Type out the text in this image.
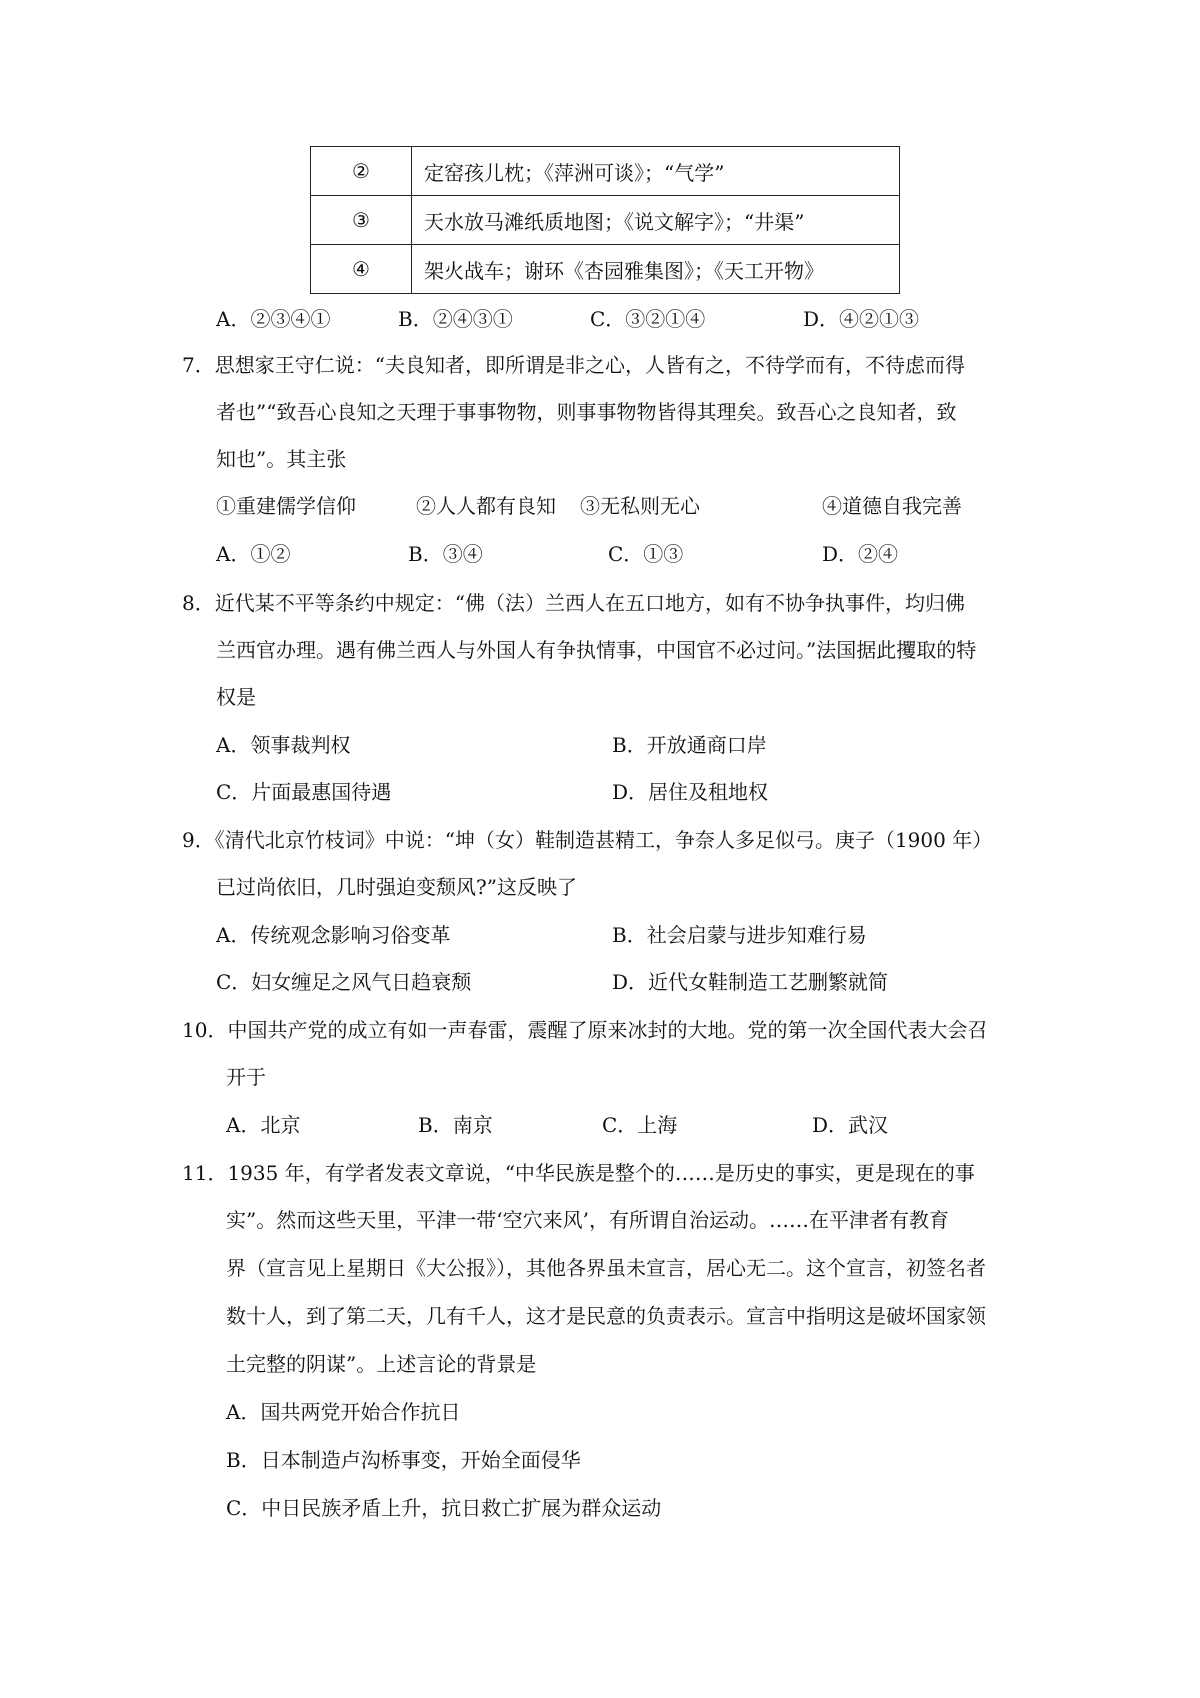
②	定窑孩儿枕；《萍洲可谈》；“气学”
③	天水放马滩纸质地图；《说文解字》；“井渠”
④	架火战车；谢环《杏园雅集图》；《天工开物》
A．②③④①	B．②④③①	C．③②①④	D．④②①③
7．思想家王守仁说：“夫良知者，即所谓是非之心，人皆有之，不待学而有，不待虑而得
者也”“致吾心良知之天理于事事物物，则事事物物皆得其理矣。致吾心之良知者，致
知也”。其主张
①重建儒学信仰	②人人都有良知 ③无私则无心	④道德自我完善
A．①②	B．③④	C．①③	D．②④
8．近代某不平等条约中规定：“佛（法）兰西人在五口地方，如有不协争执事件，均归佛
兰西官办理。遇有佛兰西人与外国人有争执情事，中国官不必过问。”法国据此攫取的特
权是
A．领事裁判权	B．开放通商口岸
C．片面最惠国待遇	D．居住及租地权
9．《清代北京竹枝词》中说：“坤（女）鞋制造甚精工，争奈人多足似弓。庚子（1900 年）
已过尚依旧，几时强迫变颓风?”这反映了
A．传统观念影响习俗变革	B．社会启蒙与进步知难行易
C．妇女缠足之风气日趋衰颓	D．近代女鞋制造工艺删繁就简
10．中国共产党的成立有如一声春雷，震醒了原来冰封的大地。党的第一次全国代表大会召
开于
A．北京	B．南京	C．上海	D．武汉
11．1935 年，有学者发表文章说，“中华民族是整个的……是历史的事实，更是现在的事
实”。然而这些天里，平津一带‘空穴来风’，有所谓自治运动。……在平津者有教育
界（宣言见上星期日《大公报》），其他各界虽未宣言，居心无二。这个宣言，初签名者
数十人，到了第二天，几有千人，这才是民意的负责表示。宣言中指明这是破坏国家领
土完整的阴谋”。上述言论的背景是
A．国共两党开始合作抗日
B．日本制造卢沟桥事变，开始全面侵华
C．中日民族矛盾上升，抗日救亡扩展为群众运动
